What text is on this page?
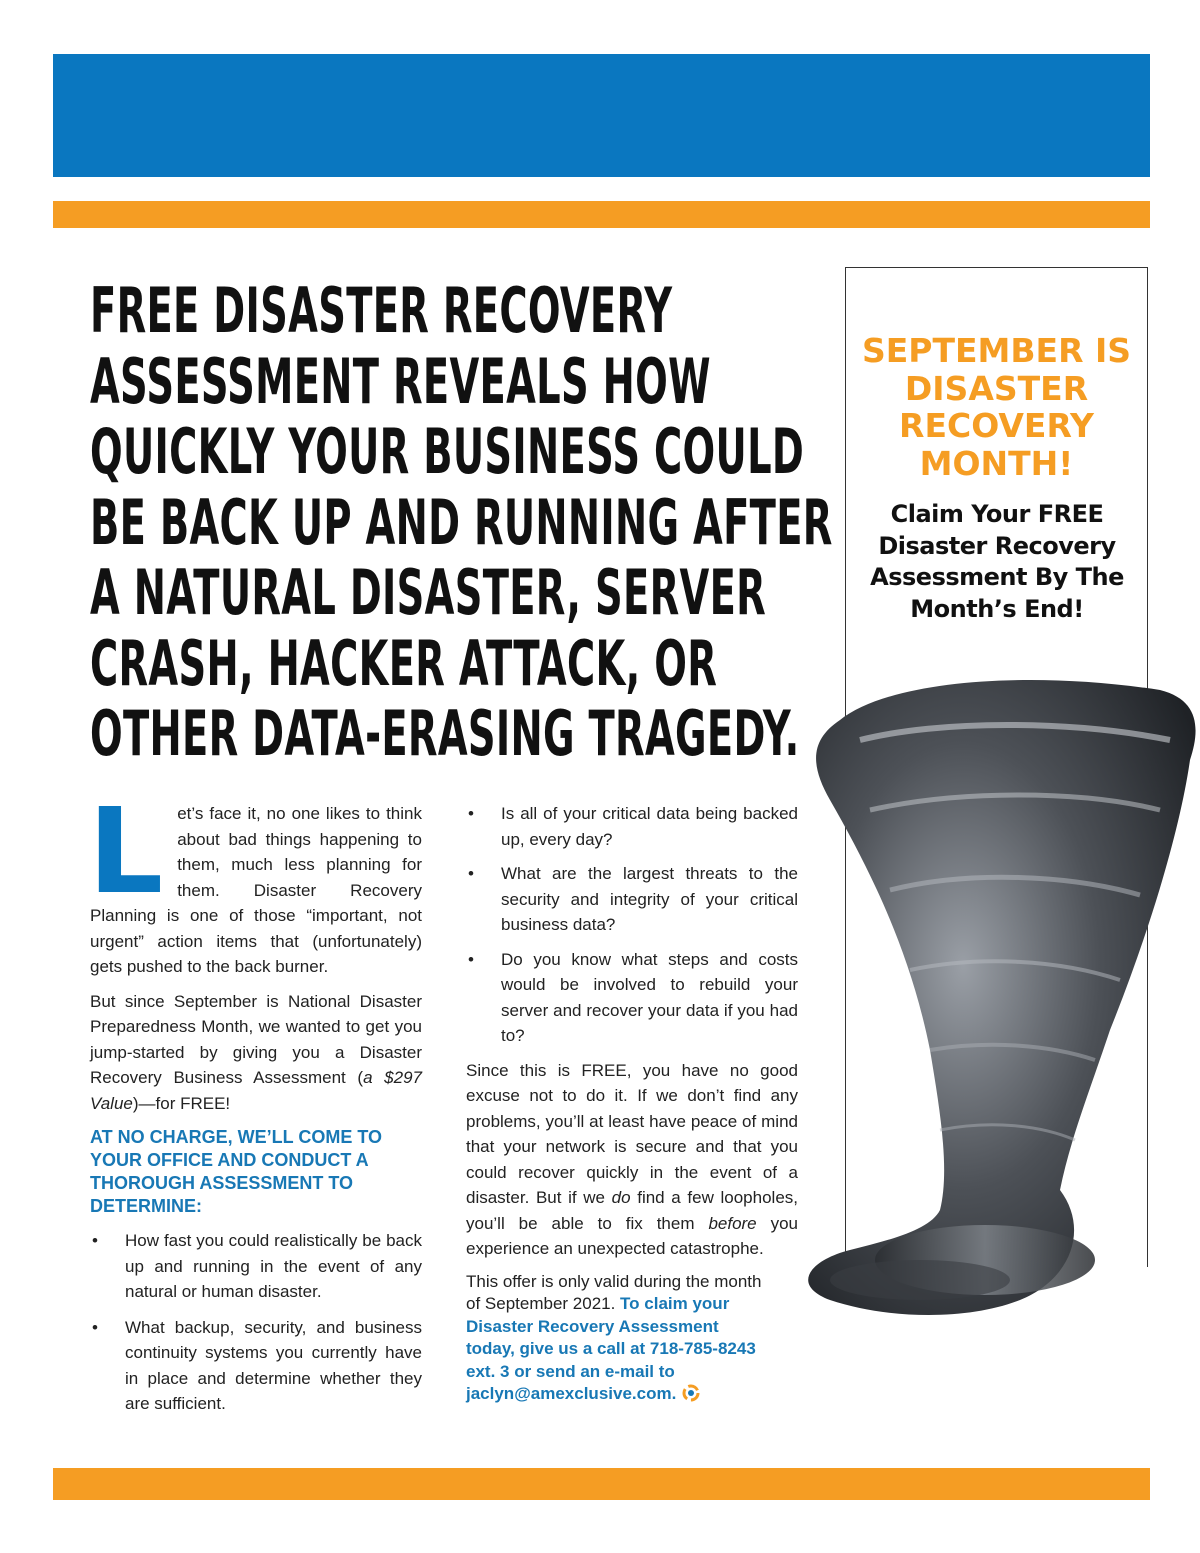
FREE DISASTER RECOVERY ASSESSMENT REVEALS HOW QUICKLY YOUR BUSINESS COULD BE BACK UP AND RUNNING AFTER A NATURAL DISASTER, SERVER CRASH, HACKER ATTACK, OR OTHER DATA-ERASING TRAGEDY.

SEPTEMBER IS DISASTER RECOVERY MONTH!

Claim Your FREE Disaster Recovery Assessment By The Month’s End!

Let’s face it, no one likes to think about bad things happening to them, much less planning for them. Disaster Recovery Planning is one of those “important, not urgent” action items that (unfortunately) gets pushed to the back burner.

But since September is National Disaster Preparedness Month, we wanted to get you jump-started by giving you a Disaster Recovery Business Assessment (a $297 Value)—for FREE!

AT NO CHARGE, WE’LL COME TO YOUR OFFICE AND CONDUCT A THOROUGH ASSESSMENT TO DETERMINE:

• How fast you could realistically be back up and running in the event of any natural or human disaster.
• What backup, security, and business continuity systems you currently have in place and determine whether they are sufficient.
• Is all of your critical data being backed up, every day?
• What are the largest threats to the security and integrity of your critical business data?
• Do you know what steps and costs would be involved to rebuild your server and recover your data if you had to?

Since this is FREE, you have no good excuse not to do it. If we don’t find any problems, you’ll at least have peace of mind that your network is secure and that you could recover quickly in the event of a disaster. But if we do find a few loopholes, you’ll be able to fix them before you experience an unexpected catastrophe.

This offer is only valid during the month of September 2021. To claim your Disaster Recovery Assessment today, give us a call at 718-785-8243 ext. 3 or send an e-mail to jaclyn@amexclusive.com.
